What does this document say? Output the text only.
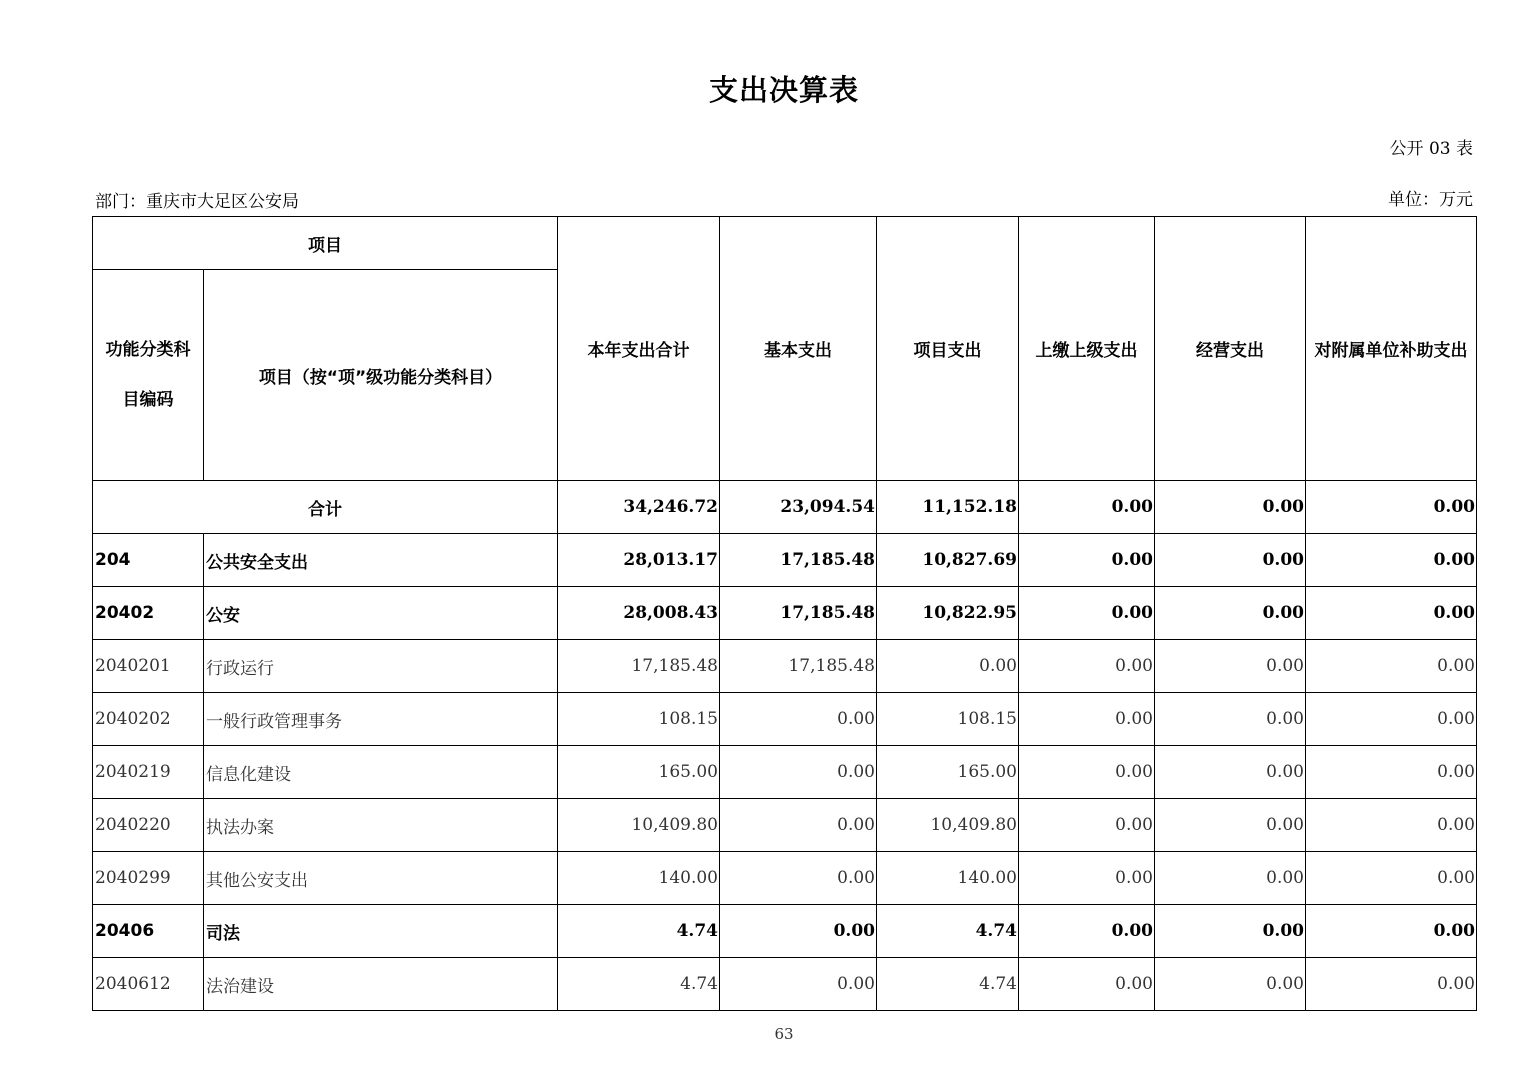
支出决算表
公开 03 表
部门：重庆市大足区公安局	单位：万元
项目		本年支出合计	基本支出	项目支出	上缴上级支出	经营支出	对附属单位补助支出
功能分类科目编码	项目（按“项”级功能分类科目）						
合计		34,246.72	23,094.54	11,152.18	0.00	0.00	0.00
204	公共安全支出	28,013.17	17,185.48	10,827.69	0.00	0.00	0.00
20402	公安	28,008.43	17,185.48	10,822.95	0.00	0.00	0.00
2040201	行政运行	17,185.48	17,185.48	0.00	0.00	0.00	0.00
2040202	一般行政管理事务	108.15	0.00	108.15	0.00	0.00	0.00
2040219	信息化建设	165.00	0.00	165.00	0.00	0.00	0.00
2040220	执法办案	10,409.80	0.00	10,409.80	0.00	0.00	0.00
2040299	其他公安支出	140.00	0.00	140.00	0.00	0.00	0.00
20406	司法	4.74	0.00	4.74	0.00	0.00	0.00
2040612	法治建设	4.74	0.00	4.74	0.00	0.00	0.00
63
